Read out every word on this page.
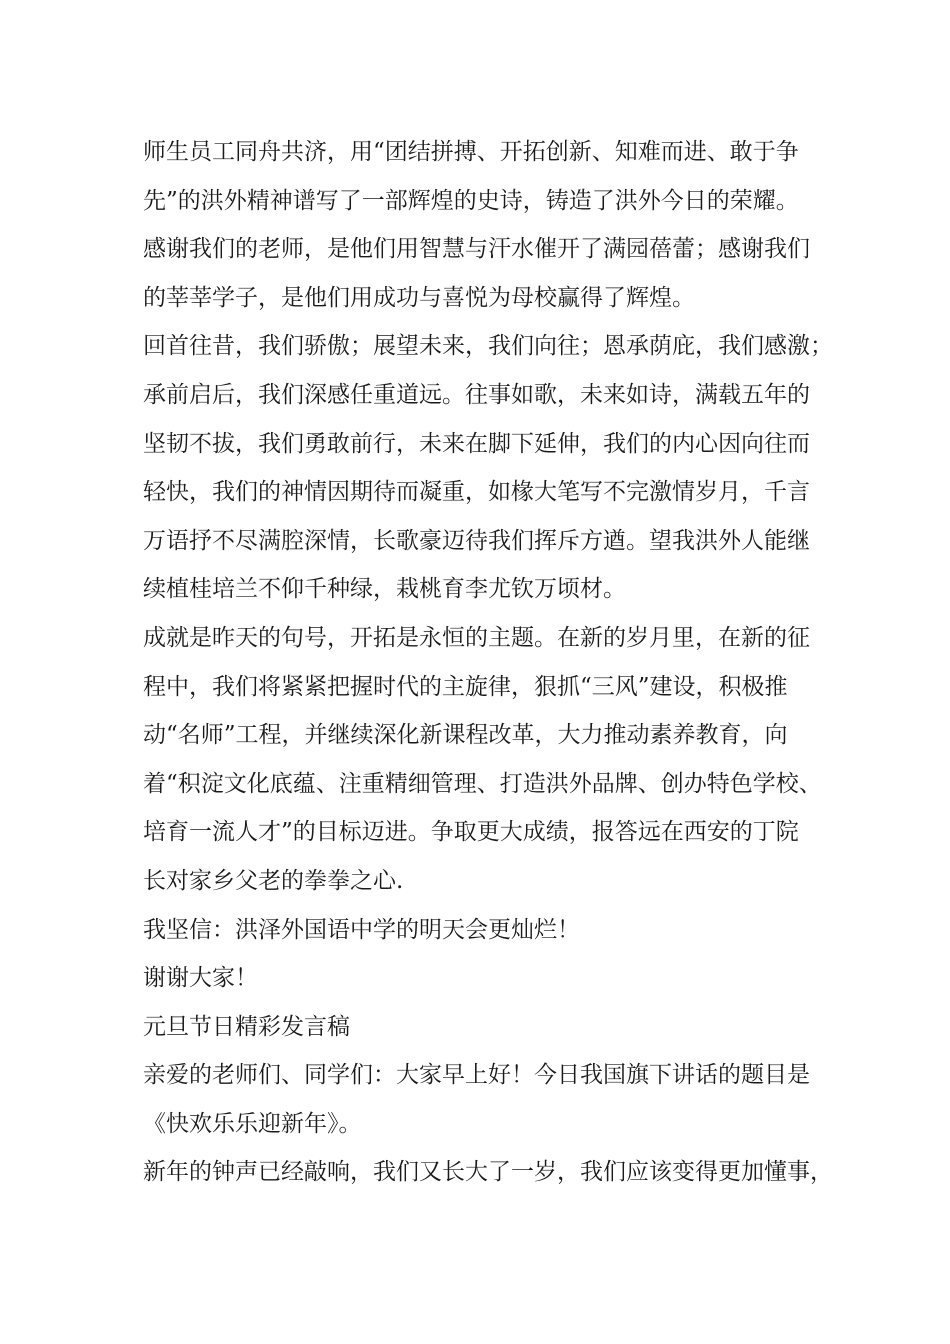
师生员工同舟共济，用“团结拼搏、开拓创新、知难而进、敢于争
先”的洪外精神谱写了一部辉煌的史诗，铸造了洪外今日的荣耀。
感谢我们的老师，是他们用智慧与汗水催开了满园蓓蕾；感谢我们
的莘莘学子，是他们用成功与喜悦为母校赢得了辉煌。
回首往昔，我们骄傲；展望未来，我们向往；恩承荫庇，我们感激；
承前启后，我们深感任重道远。往事如歌，未来如诗，满载五年的
坚韧不拔，我们勇敢前行，未来在脚下延伸，我们的内心因向往而
轻快，我们的神情因期待而凝重，如椽大笔写不完激情岁月，千言
万语抒不尽满腔深情，长歌豪迈待我们挥斥方遒。望我洪外人能继
续植桂培兰不仰千种绿，栽桃育李尤钦万顷材。
成就是昨天的句号，开拓是永恒的主题。在新的岁月里，在新的征
程中，我们将紧紧把握时代的主旋律，狠抓“三风”建设，积极推
动“名师”工程，并继续深化新课程改革，大力推动素养教育，向
着“积淀文化底蕴、注重精细管理、打造洪外品牌、创办特色学校、
培育一流人才”的目标迈进。争取更大成绩，报答远在西安的丁院
长对家乡父老的拳拳之心.
我坚信：洪泽外国语中学的明天会更灿烂！
谢谢大家！
元旦节日精彩发言稿
亲爱的老师们、同学们：大家早上好！今日我国旗下讲话的题目是
《快欢乐乐迎新年》。
新年的钟声已经敲响，我们又长大了一岁，我们应该变得更加懂事，
